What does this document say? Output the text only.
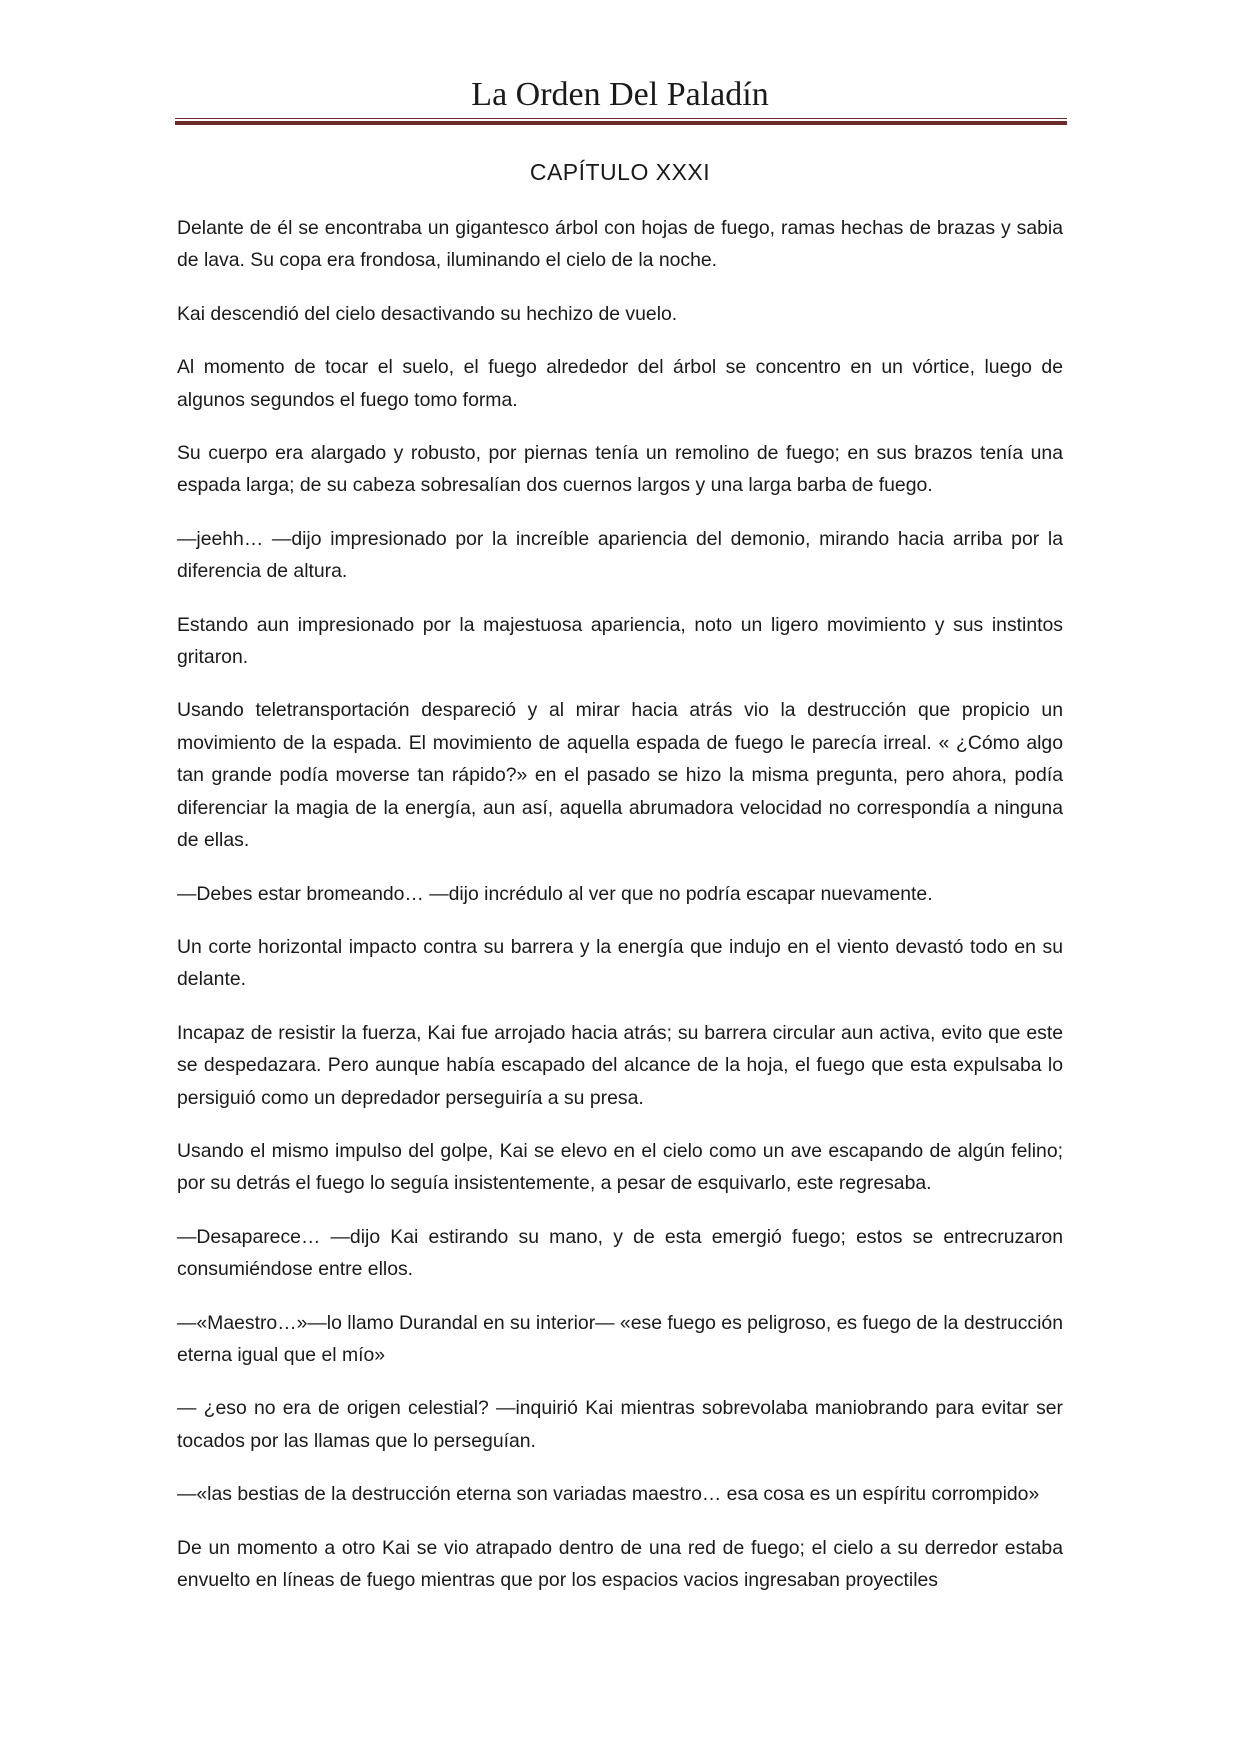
La Orden Del Paladín
CAPÍTULO XXXI

Delante de él se encontraba un gigantesco árbol con hojas de fuego, ramas hechas de brazas y sabia de lava. Su copa era frondosa, iluminando el cielo de la noche.

Kai descendió del cielo desactivando su hechizo de vuelo.

Al momento de tocar el suelo, el fuego alrededor del árbol se concentro en un vórtice, luego de algunos segundos el fuego tomo forma.

Su cuerpo era alargado y robusto, por piernas tenía un remolino de fuego; en sus brazos tenía una espada larga; de su cabeza sobresalían dos cuernos largos y una larga barba de fuego.

—jeehh… —dijo impresionado por la increíble apariencia del demonio, mirando hacia arriba por la diferencia de altura.

Estando aun impresionado por la majestuosa apariencia, noto un ligero movimiento y sus instintos gritaron.

Usando teletransportación despareció y al mirar hacia atrás vio la destrucción que propicio un movimiento de la espada. El movimiento de aquella espada de fuego le parecía irreal. « ¿Cómo algo tan grande podía moverse tan rápido?» en el pasado se hizo la misma pregunta, pero ahora, podía diferenciar la magia de la energía, aun así, aquella abrumadora velocidad no correspondía a ninguna de ellas.

—Debes estar bromeando… —dijo incrédulo al ver que no podría escapar nuevamente.

Un corte horizontal impacto contra su barrera y la energía que indujo en el viento devastó todo en su delante.

Incapaz de resistir la fuerza, Kai fue arrojado hacia atrás; su barrera circular aun activa, evito que este se despedazara. Pero aunque había escapado del alcance de la hoja, el fuego que esta expulsaba lo persiguió como un depredador perseguiría a su presa.

Usando el mismo impulso del golpe, Kai se elevo en el cielo como un ave escapando de algún felino; por su detrás el fuego lo seguía insistentemente, a pesar de esquivarlo, este regresaba.

—Desaparece… —dijo Kai estirando su mano, y de esta emergió fuego; estos se entrecruzaron consumiéndose entre ellos.

—«Maestro…»—lo llamo Durandal en su interior— «ese fuego es peligroso, es fuego de la destrucción eterna igual que el mío»

— ¿eso no era de origen celestial? —inquirió Kai mientras sobrevolaba maniobrando para evitar ser tocados por las llamas que lo perseguían.

—«las bestias de la destrucción eterna son variadas maestro… esa cosa es un espíritu corrompido»

De un momento a otro Kai se vio atrapado dentro de una red de fuego; el cielo a su derredor estaba envuelto en líneas de fuego mientras que por los espacios vacios ingresaban proyectiles
